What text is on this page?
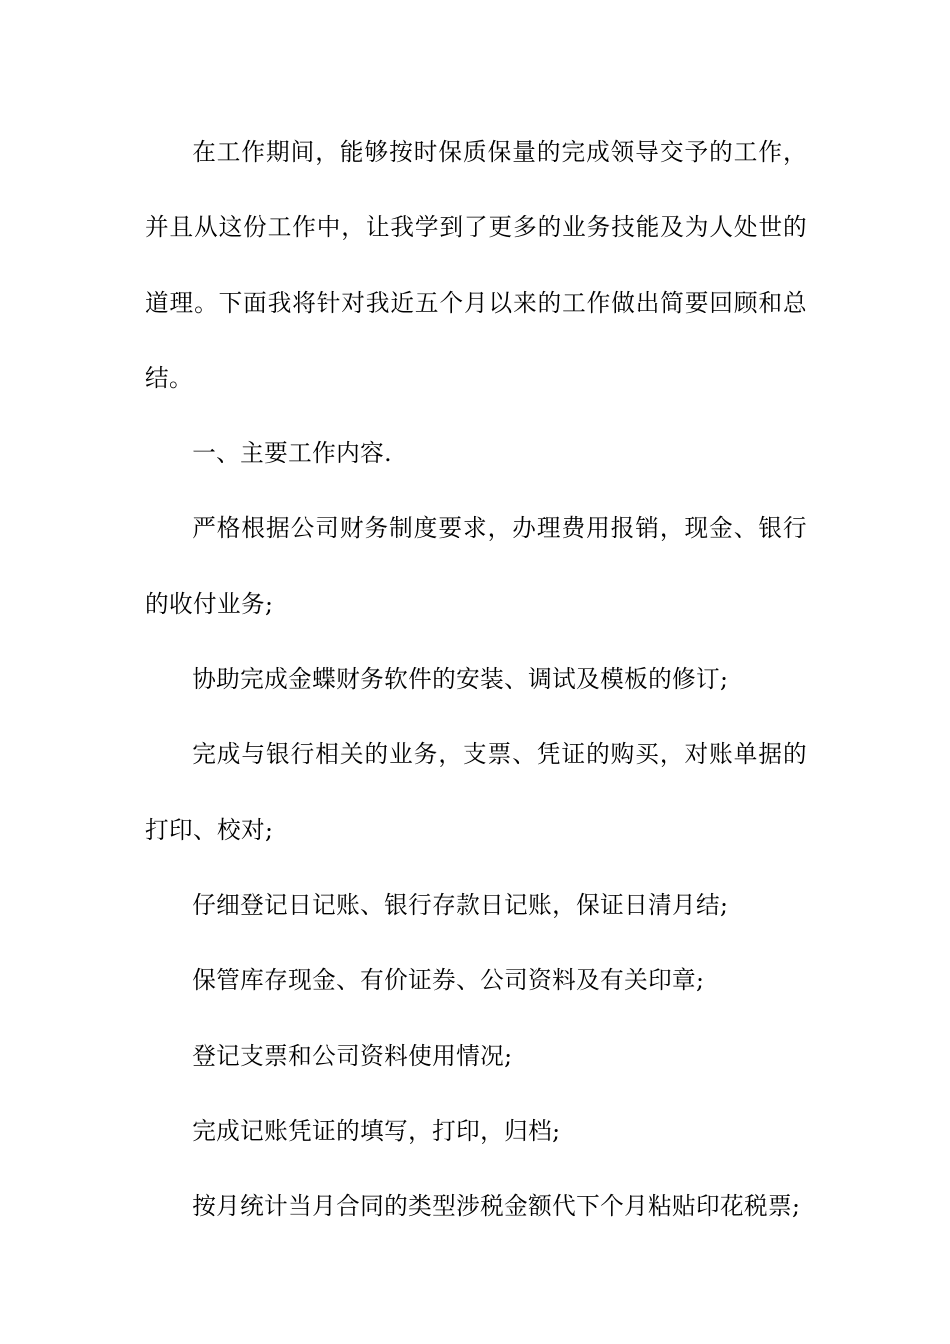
在工作期间，能够按时保质保量的完成领导交予的工作，并且从这份工作中，让我学到了更多的业务技能及为人处世的道理。下面我将针对我近五个月以来的工作做出简要回顾和总结。

一、主要工作内容.

严格根据公司财务制度要求，办理费用报销，现金、银行的收付业务;

协助完成金蝶财务软件的安装、调试及模板的修订;

完成与银行相关的业务，支票、凭证的购买，对账单据的打印、校对;

仔细登记日记账、银行存款日记账，保证日清月结;

保管库存现金、有价证券、公司资料及有关印章;

登记支票和公司资料使用情况;

完成记账凭证的填写，打印，归档;

按月统计当月合同的类型涉税金额代下个月粘贴印花税票;
